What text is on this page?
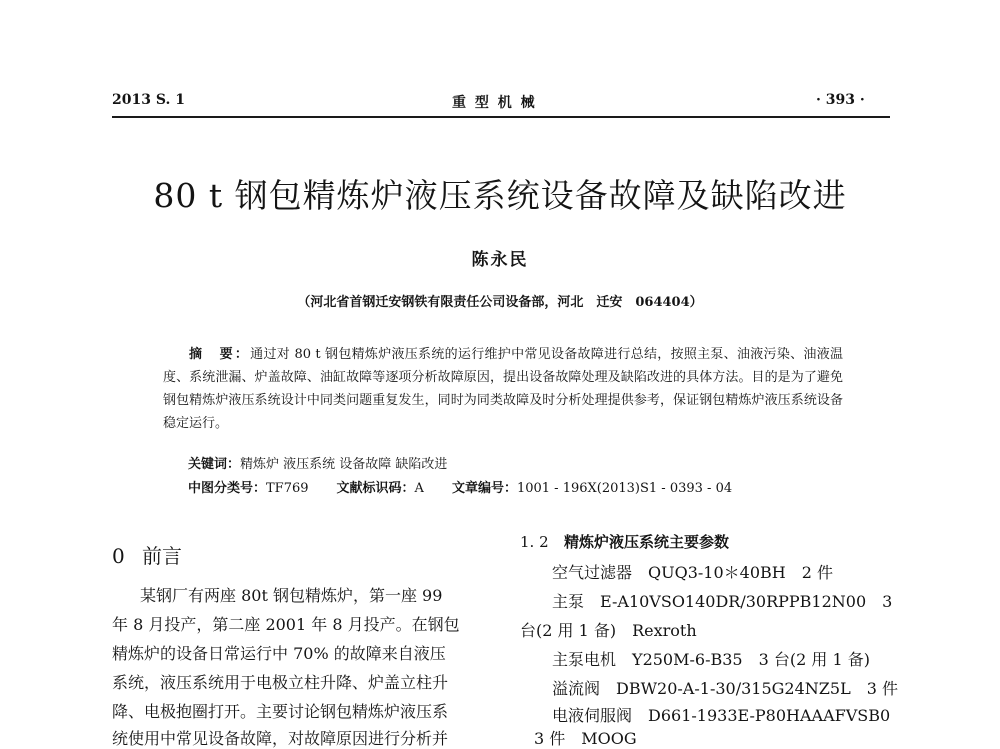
2013 S. 1	重 型 机 械	· 393 ·
80 t 钢包精炼炉液压系统设备故障及缺陷改进
陈永民
（河北省首钢迁安钢铁有限责任公司设备部，河北　迁安　064404）
摘　要：通过对 80 t 钢包精炼炉液压系统的运行维护中常见设备故障进行总结，按照主泵、油液污染、油液温度、系统泄漏、炉盖故障、油缸故障等逐项分析故障原因，提出设备故障处理及缺陷改进的具体方法。目的是为了避免钢包精炼炉液压系统设计中同类问题重复发生，同时为同类故障及时分析处理提供参考，保证钢包精炼炉液压系统设备稳定运行。
关键词：精炼炉 液压系统 设备故障 缺陷改进
中图分类号：TF769 文献标识码：A 文章编号：1001 - 196X(2013)S1 - 0393 - 04
0 前言
某钢厂有两座 80t 钢包精炼炉，第一座 99
年 8 月投产，第二座 2001 年 8 月投产。在钢包
精炼炉的设备日常运行中 70% 的故障来自液压
系统，液压系统用于电极立柱升降、炉盖立柱升
降、电极抱圈打开。主要讨论钢包精炼炉液压系
统使用中常见设备故障，对故障原因进行分析并
1. 2 精炼炉液压系统主要参数
空气过滤器　QUQ3-10＊40BH　2 件
主泵　E-A10VSO140DR/30RPPB12N00　3
台(2 用 1 备)　Rexroth
主泵电机　Y250M-6-B35　3 台(2 用 1 备)
溢流阀　DBW20-A-1-30/315G24NZ5L　3 件
电液伺服阀　D661-1933E-P80HAAAFVSB0
3 件　MOOG
